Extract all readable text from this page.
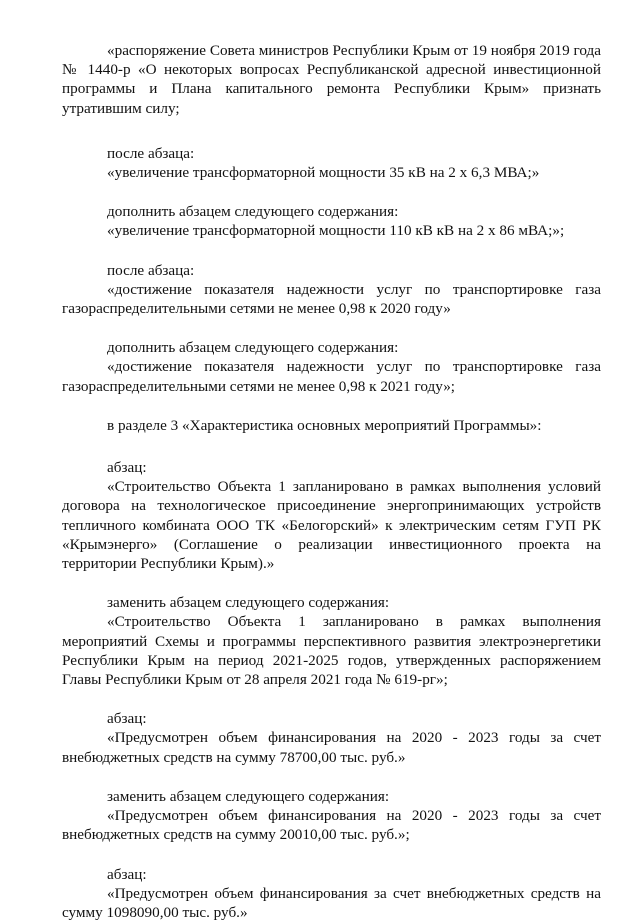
«распоряжение Совета министров Республики Крым от 19 ноября 2019 года № 1440-р «О некоторых вопросах Республиканской адресной инвестиционной программы и Плана капитального ремонта Республики Крым» признать утратившим силу;

после абзаца:

«увеличение трансформаторной мощности 35 кВ на 2 х 6,3 МВА;»

дополнить абзацем следующего содержания:

«увеличение трансформаторной мощности 110 кВ кВ на 2 х 86 мВА;»;

после абзаца:

«достижение показателя надежности услуг по транспортировке газа газораспределительными сетями не менее 0,98 к 2020 году»

дополнить абзацем следующего содержания:

«достижение показателя надежности услуг по транспортировке газа газораспределительными сетями не менее 0,98 к 2021 году»;

в разделе 3 «Характеристика основных мероприятий Программы»:

абзац:

«Строительство Объекта 1 запланировано в рамках выполнения условий договора на технологическое присоединение энергопринимающих устройств тепличного комбината ООО ТК «Белогорский» к электрическим сетям ГУП РК «Крымэнерго» (Соглашение о реализации инвестиционного проекта на территории Республики Крым).»

заменить абзацем следующего содержания:

«Строительство Объекта 1 запланировано в рамках выполнения мероприятий Схемы и программы перспективного развития электроэнергетики Республики Крым на период 2021-2025 годов, утвержденных распоряжением Главы Республики Крым от 28 апреля 2021 года № 619-рг»;

абзац:

«Предусмотрен объем финансирования на 2020 - 2023 годы за счет внебюджетных средств на сумму 78700,00 тыс. руб.»

заменить абзацем следующего содержания:

«Предусмотрен объем финансирования на 2020 - 2023 годы за счет внебюджетных средств на сумму 20010,00 тыс. руб.»;

абзац:

«Предусмотрен объем финансирования за счет внебюджетных средств на сумму 1098090,00 тыс. руб.»
